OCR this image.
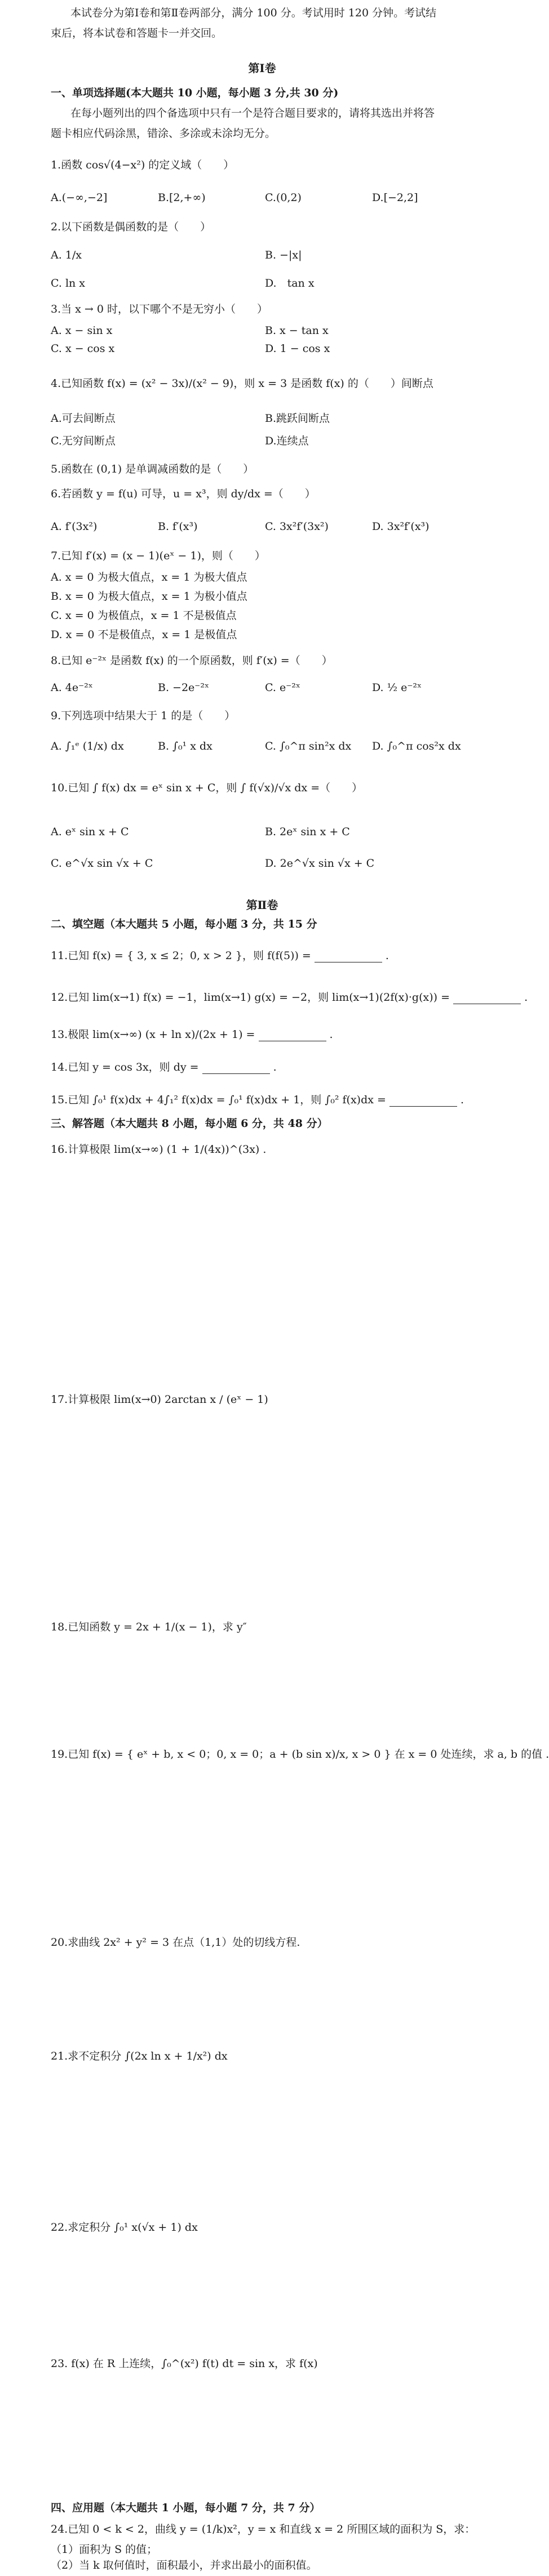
本试卷分为第Ⅰ卷和第Ⅱ卷两部分，满分 100 分。考试用时 120 分钟。考试结
束后，将本试卷和答题卡一并交回。
第Ⅰ卷
一、单项选择题(本大题共 10 小题，每小题 3 分,共 30 分)
在每小题列出的四个备选项中只有一个是符合题目要求的，请将其选出并将答
题卡相应代码涂黑，错涂、多涂或未涂均无分。
1.函数 cos√(4−x²) 的定义域（　　）
A.(−∞,−2]	B.[2,+∞)	C.(0,2)	D.[−2,2]
2.以下函数是偶函数的是（　　）
A. 1/x	B. −|x|
C. ln x	D.　tan x
3.当 x → 0 时，以下哪个不是无穷小（　　）
A. x − sin x	B. x − tan x
C. x − cos x	D. 1 − cos x
4.已知函数 f(x) = (x² − 3x)/(x² − 9)，则 x = 3 是函数 f(x) 的（　　）间断点
A.可去间断点	B.跳跃间断点
C.无穷间断点	D.连续点
5.函数在 (0,1) 是单调减函数的是（　　）
6.若函数 y = f(u) 可导，u = x³，则 dy/dx =（　　）
A. f′(3x²)	B. f′(x³)	C. 3x²f′(3x²)	D. 3x²f′(x³)
7.已知 f′(x) = (x − 1)(eˣ − 1)，则（　　）
A. x = 0 为极大值点，x = 1 为极大值点
B. x = 0 为极大值点，x = 1 为极小值点
C. x = 0 为极值点，x = 1 不是极值点
D. x = 0 不是极值点，x = 1 是极值点
8.已知 e⁻²ˣ 是函数 f(x) 的一个原函数，则 f′(x) =（　　）
A. 4e⁻²ˣ	B. −2e⁻²ˣ	C. e⁻²ˣ	D. ½ e⁻²ˣ
9.下列选项中结果大于 1 的是（　　）
A. ∫₁ᵉ (1/x) dx	B. ∫₀¹ x dx	C. ∫₀^π sin²x dx	D. ∫₀^π cos²x dx
10.已知 ∫ f(x) dx = eˣ sin x + C，则 ∫ f(√x)/√x dx =（　　）
A. eˣ sin x + C	B. 2eˣ sin x + C
C. e^√x sin √x + C	D. 2e^√x sin √x + C
第Ⅱ卷
二、填空题（本大题共 5 小题，每小题 3 分，共 15 分
11.已知 f(x) = { 3, x ≤ 2；0, x > 2 }，则 f(f(5)) =	.
12.已知 lim(x→1) f(x) = −1，lim(x→1) g(x) = −2，则 lim(x→1)(2f(x)·g(x)) =	.
13.极限 lim(x→∞) (x + ln x)/(2x + 1) =	.
14.已知 y = cos 3x，则 dy =	.
15.已知 ∫₀¹ f(x)dx + 4∫₁² f(x)dx = ∫₀¹ f(x)dx + 1，则 ∫₀² f(x)dx =	.
三、解答题（本大题共 8 小题，每小题 6 分，共 48 分）
16.计算极限 lim(x→∞) (1 + 1/(4x))^(3x) .
17.计算极限 lim(x→0) 2arctan x / (eˣ − 1)
18.已知函数 y = 2x + 1/(x − 1)，求 y″
19.已知 f(x) = { eˣ + b, x < 0；0, x = 0；a + (b sin x)/x, x > 0 } 在 x = 0 处连续，求 a, b 的值 .
20.求曲线 2x² + y² = 3 在点（1,1）处的切线方程.
21.求不定积分 ∫(2x ln x + 1/x²) dx
22.求定积分 ∫₀¹ x(√x + 1) dx
23. f(x) 在 R 上连续，∫₀^(x²) f(t) dt = sin x，求 f(x)
四、应用题（本大题共 1 小题，每小题 7 分，共 7 分）
24.已知 0 < k < 2，曲线 y = (1/k)x²，y = x 和直线 x = 2 所围区域的面积为 S，求：
（1）面积为 S 的值；
（2）当 k 取何值时，面积最小，并求出最小的面积值。
